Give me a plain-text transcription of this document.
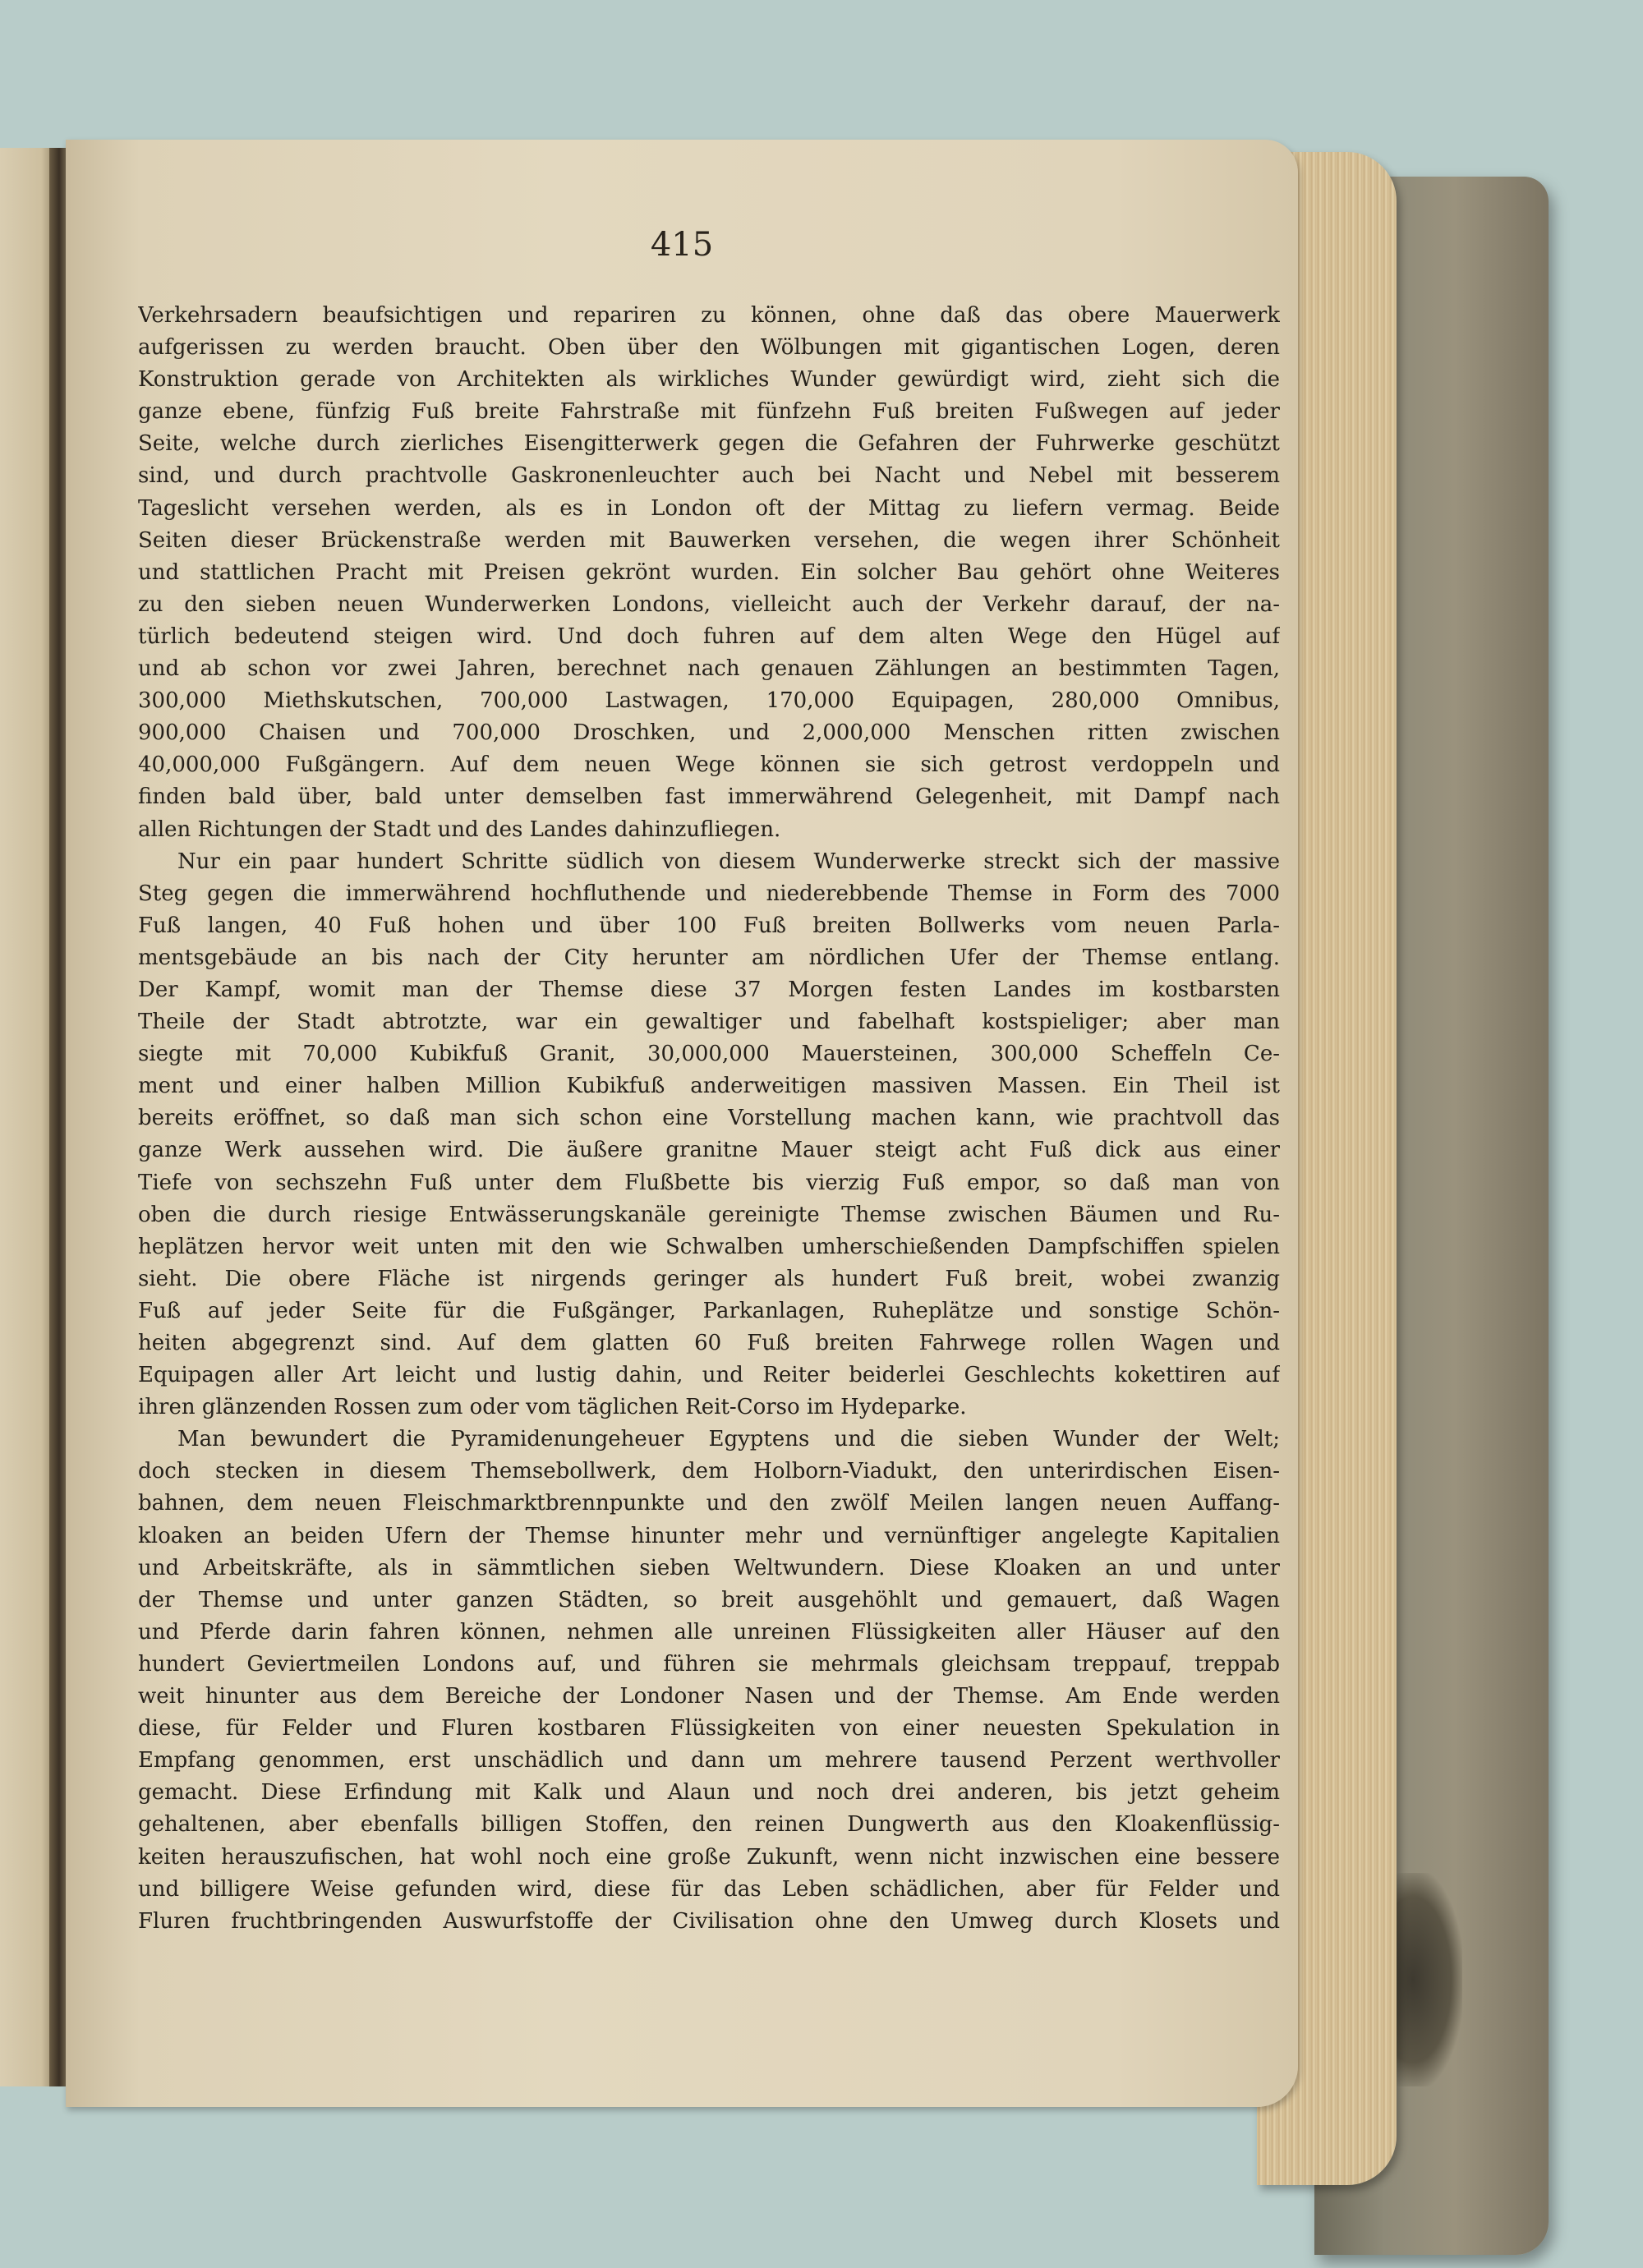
415
Verkehrsadern beaufsichtigen und repariren zu können, ohne daß das obere Mauerwerk
aufgerissen zu werden braucht. Oben über den Wölbungen mit gigantischen Logen, deren
Konstruktion gerade von Architekten als wirkliches Wunder gewürdigt wird, zieht sich die
ganze ebene, fünfzig Fuß breite Fahrstraße mit fünfzehn Fuß breiten Fußwegen auf jeder
Seite, welche durch zierliches Eisengitterwerk gegen die Gefahren der Fuhrwerke geschützt
sind, und durch prachtvolle Gaskronenleuchter auch bei Nacht und Nebel mit besserem
Tageslicht versehen werden, als es in London oft der Mittag zu liefern vermag. Beide
Seiten dieser Brückenstraße werden mit Bauwerken versehen, die wegen ihrer Schönheit
und stattlichen Pracht mit Preisen gekrönt wurden. Ein solcher Bau gehört ohne Weiteres
zu den sieben neuen Wunderwerken Londons, vielleicht auch der Verkehr darauf, der na-
türlich bedeutend steigen wird. Und doch fuhren auf dem alten Wege den Hügel auf
und ab schon vor zwei Jahren, berechnet nach genauen Zählungen an bestimmten Tagen,
300,000 Miethskutschen, 700,000 Lastwagen, 170,000 Equipagen, 280,000 Omnibus,
900,000 Chaisen und 700,000 Droschken, und 2,000,000 Menschen ritten zwischen
40,000,000 Fußgängern. Auf dem neuen Wege können sie sich getrost verdoppeln und
finden bald über, bald unter demselben fast immerwährend Gelegenheit, mit Dampf nach
allen Richtungen der Stadt und des Landes dahinzufliegen.
Nur ein paar hundert Schritte südlich von diesem Wunderwerke streckt sich der massive
Steg gegen die immerwährend hochfluthende und niederebbende Themse in Form des 7000
Fuß langen, 40 Fuß hohen und über 100 Fuß breiten Bollwerks vom neuen Parla-
mentsgebäude an bis nach der City herunter am nördlichen Ufer der Themse entlang.
Der Kampf, womit man der Themse diese 37 Morgen festen Landes im kostbarsten
Theile der Stadt abtrotzte, war ein gewaltiger und fabelhaft kostspieliger; aber man
siegte mit 70,000 Kubikfuß Granit, 30,000,000 Mauersteinen, 300,000 Scheffeln Ce-
ment und einer halben Million Kubikfuß anderweitigen massiven Massen. Ein Theil ist
bereits eröffnet, so daß man sich schon eine Vorstellung machen kann, wie prachtvoll das
ganze Werk aussehen wird. Die äußere granitne Mauer steigt acht Fuß dick aus einer
Tiefe von sechszehn Fuß unter dem Flußbette bis vierzig Fuß empor, so daß man von
oben die durch riesige Entwässerungskanäle gereinigte Themse zwischen Bäumen und Ru-
heplätzen hervor weit unten mit den wie Schwalben umherschießenden Dampfschiffen spielen
sieht. Die obere Fläche ist nirgends geringer als hundert Fuß breit, wobei zwanzig
Fuß auf jeder Seite für die Fußgänger, Parkanlagen, Ruheplätze und sonstige Schön-
heiten abgegrenzt sind. Auf dem glatten 60 Fuß breiten Fahrwege rollen Wagen und
Equipagen aller Art leicht und lustig dahin, und Reiter beiderlei Geschlechts kokettiren auf
ihren glänzenden Rossen zum oder vom täglichen Reit-Corso im Hydeparke.
Man bewundert die Pyramidenungeheuer Egyptens und die sieben Wunder der Welt;
doch stecken in diesem Themsebollwerk, dem Holborn-Viadukt, den unterirdischen Eisen-
bahnen, dem neuen Fleischmarktbrennpunkte und den zwölf Meilen langen neuen Auffang-
kloaken an beiden Ufern der Themse hinunter mehr und vernünftiger angelegte Kapitalien
und Arbeitskräfte, als in sämmtlichen sieben Weltwundern. Diese Kloaken an und unter
der Themse und unter ganzen Städten, so breit ausgehöhlt und gemauert, daß Wagen
und Pferde darin fahren können, nehmen alle unreinen Flüssigkeiten aller Häuser auf den
hundert Geviertmeilen Londons auf, und führen sie mehrmals gleichsam treppauf, treppab
weit hinunter aus dem Bereiche der Londoner Nasen und der Themse. Am Ende werden
diese, für Felder und Fluren kostbaren Flüssigkeiten von einer neuesten Spekulation in
Empfang genommen, erst unschädlich und dann um mehrere tausend Perzent werthvoller
gemacht. Diese Erfindung mit Kalk und Alaun und noch drei anderen, bis jetzt geheim
gehaltenen, aber ebenfalls billigen Stoffen, den reinen Dungwerth aus den Kloakenflüssig-
keiten herauszufischen, hat wohl noch eine große Zukunft, wenn nicht inzwischen eine bessere
und billigere Weise gefunden wird, diese für das Leben schädlichen, aber für Felder und
Fluren fruchtbringenden Auswurfstoffe der Civilisation ohne den Umweg durch Klosets und
